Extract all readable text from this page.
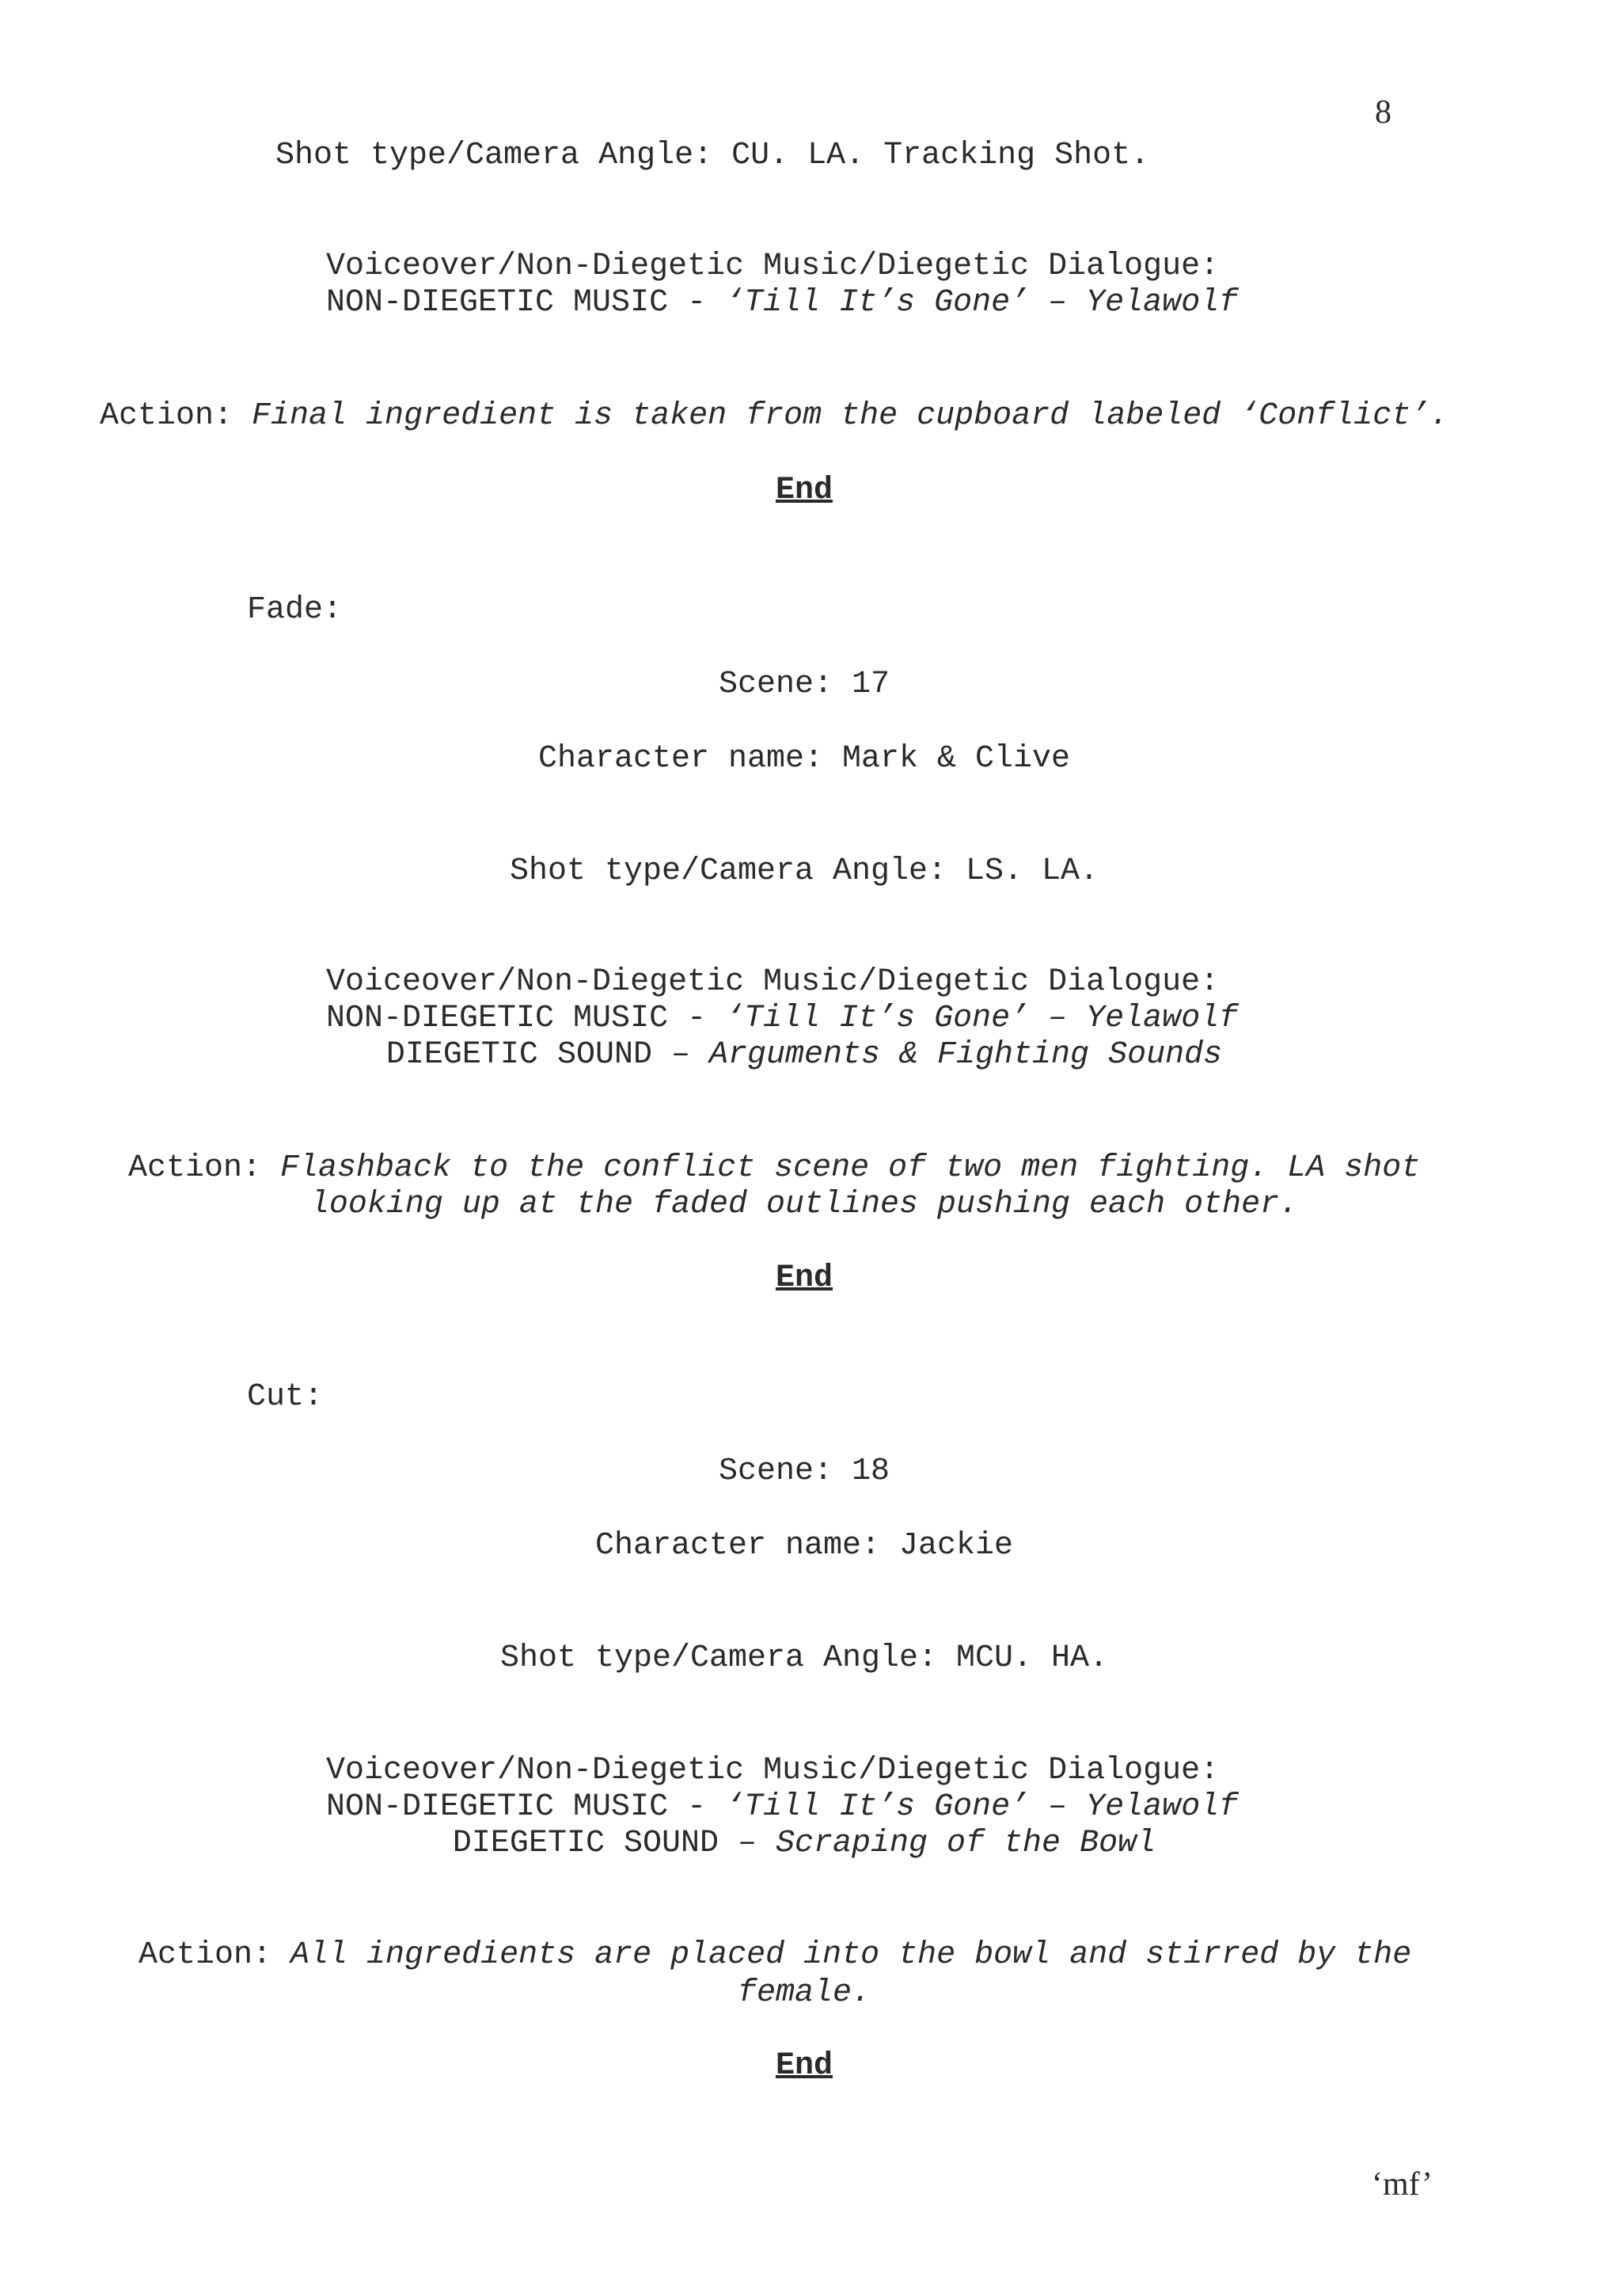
8
Shot type/Camera Angle: CU. LA. Tracking Shot.
Voiceover/Non-Diegetic Music/Diegetic Dialogue:
NON-DIEGETIC MUSIC - ‘Till It’s Gone’ – Yelawolf
Action: Final ingredient is taken from the cupboard labeled ‘Conflict’.
End
Fade:
Scene: 17
Character name: Mark & Clive
Shot type/Camera Angle: LS. LA.
Voiceover/Non-Diegetic Music/Diegetic Dialogue:
NON-DIEGETIC MUSIC - ‘Till It’s Gone’ – Yelawolf
DIEGETIC SOUND – Arguments & Fighting Sounds
Action: Flashback to the conflict scene of two men fighting. LA shot
looking up at the faded outlines pushing each other.
End
Cut:
Scene: 18
Character name: Jackie
Shot type/Camera Angle: MCU. HA.
Voiceover/Non-Diegetic Music/Diegetic Dialogue:
NON-DIEGETIC MUSIC - ‘Till It’s Gone’ – Yelawolf
DIEGETIC SOUND – Scraping of the Bowl
Action: All ingredients are placed into the bowl and stirred by the
female.
End
‘mf’
